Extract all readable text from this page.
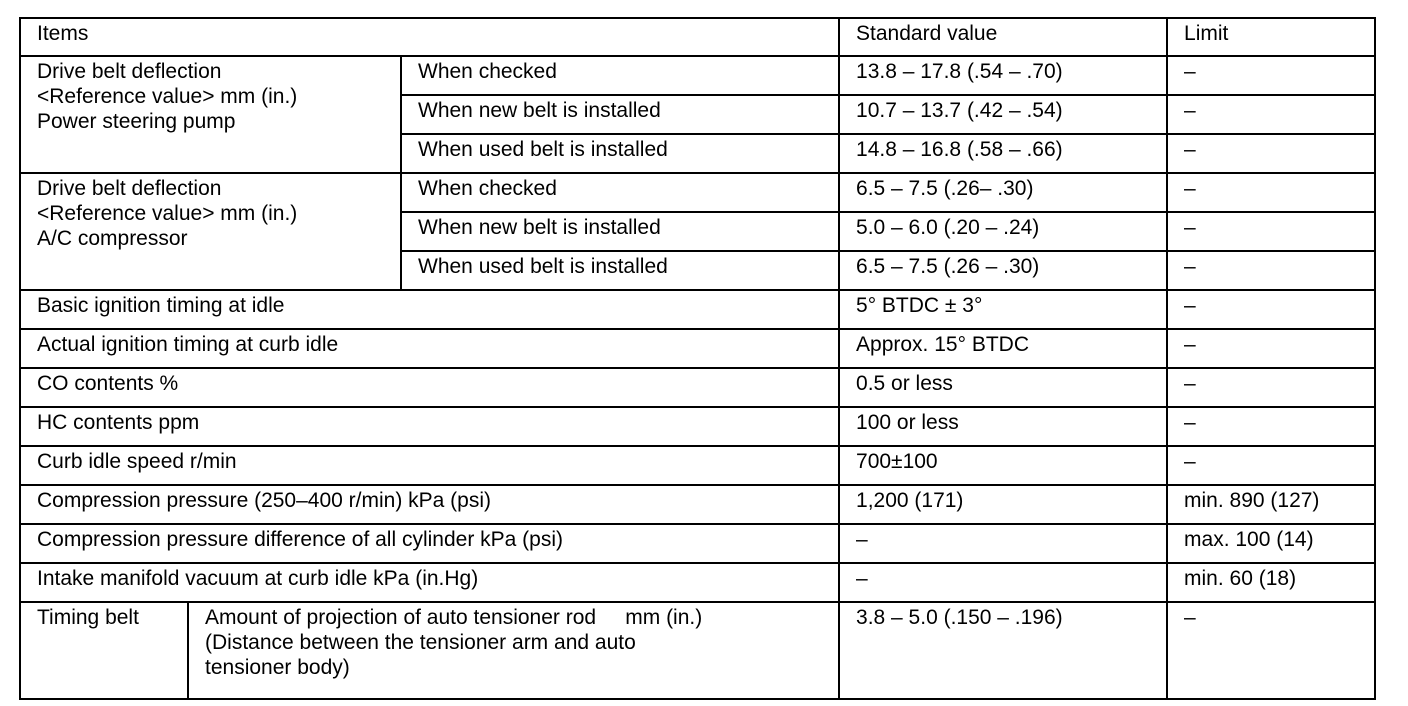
Items			Standard value	Limit

Drive belt deflection
<Reference value> mm (in.)
Power steering pump		When checked	13.8 – 17.8 (.54 – .70)	–
		When new belt is installed	10.7 – 13.7 (.42 – .54)	–
		When used belt is installed	14.8 – 16.8 (.58 – .66)	–

Drive belt deflection
<Reference value> mm (in.)
A/C compressor		When checked	6.5 – 7.5 (.26– .30)	–
		When new belt is installed	5.0 – 6.0 (.20 – .24)	–
		When used belt is installed	6.5 – 7.5 (.26 – .30)	–
Basic ignition timing at idle			5° BTDC ± 3°	–
Actual ignition timing at curb idle			Approx. 15° BTDC	–
CO contents %			0.5 or less	–
HC contents ppm			100 or less	–
Curb idle speed r/min			700±100	–
Compression pressure (250–400 r/min) kPa (psi)			1,200 (171)	min. 890 (127)
Compression pressure difference of all cylinder kPa (psi)			–	max. 100 (14)
Intake manifold vacuum at curb idle kPa (in.Hg)			–	min. 60 (18)
Timing belt	Amount of projection of auto tensioner rod     mm (in.)
(Distance between the tensioner arm and auto
tensioner body)		3.8 – 5.0 (.150 – .196)	–
